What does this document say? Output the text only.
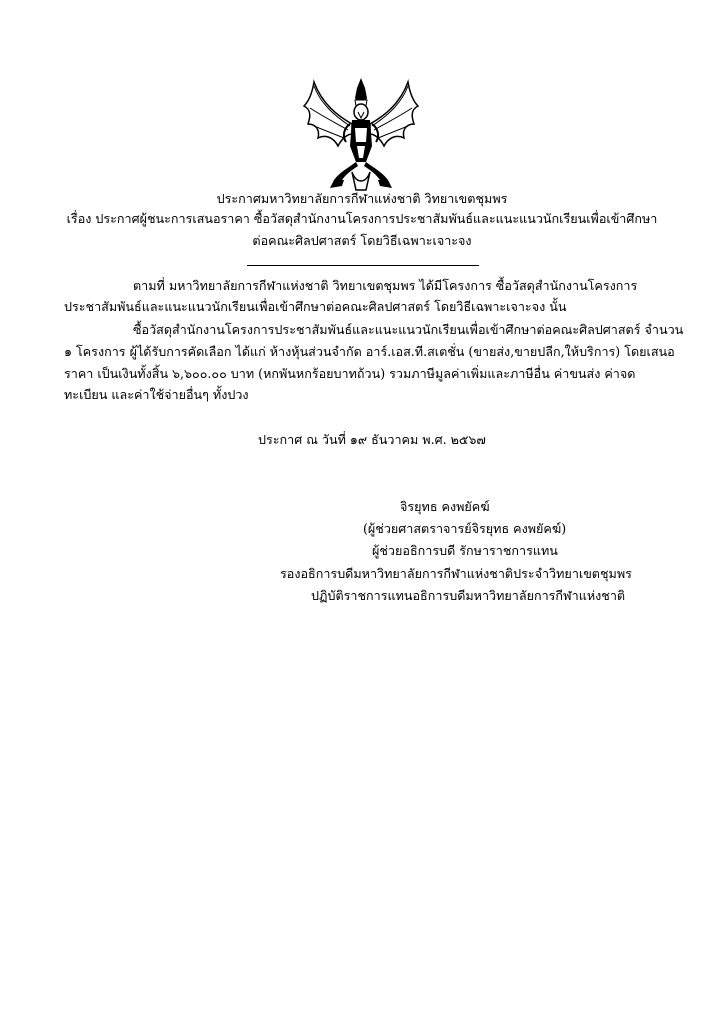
ประกาศมหาวิทยาลัยการกีฬาแห่งชาติ วิทยาเขตชุมพร
เรื่อง ประกาศผู้ชนะการเสนอราคา ซื้อวัสดุสำนักงานโครงการประชาสัมพันธ์และแนะแนวนักเรียนเพื่อเข้าศึกษา
ต่อคณะศิลปศาสตร์ โดยวิธีเฉพาะเจาะจง
ตามที่ มหาวิทยาลัยการกีฬาแห่งชาติ วิทยาเขตชุมพร ได้มีโครงการ ซื้อวัสดุสำนักงานโครงการ
ประชาสัมพันธ์และแนะแนวนักเรียนเพื่อเข้าศึกษาต่อคณะศิลปศาสตร์ โดยวิธีเฉพาะเจาะจง นั้น
ซื้อวัสดุสำนักงานโครงการประชาสัมพันธ์และแนะแนวนักเรียนเพื่อเข้าศึกษาต่อคณะศิลปศาสตร์ จำนวน
๑ โครงการ ผู้ได้รับการคัดเลือก ได้แก่ ห้างหุ้นส่วนจำกัด อาร์.เอส.ที.สเตชั่น (ขายส่ง,ขายปลีก,ให้บริการ) โดยเสนอ
ราคา เป็นเงินทั้งสิ้น ๖,๖๐๐.๐๐ บาท (หกพันหกร้อยบาทถ้วน) รวมภาษีมูลค่าเพิ่มและภาษีอื่น ค่าขนส่ง ค่าจด
ทะเบียน และค่าใช้จ่ายอื่นๆ ทั้งปวง
ประกาศ ณ วันที่ ๑๙ ธันวาคม พ.ศ. ๒๕๖๗
จิรยุทธ คงพยัคฆ์
(ผู้ช่วยศาสตราจารย์จิรยุทธ คงพยัคฆ์)
ผู้ช่วยอธิการบดี รักษาราชการแทน
รองอธิการบดีมหาวิทยาลัยการกีฬาแห่งชาติประจำวิทยาเขตชุมพร
ปฏิบัติราชการแทนอธิการบดีมหาวิทยาลัยการกีฬาแห่งชาติ
